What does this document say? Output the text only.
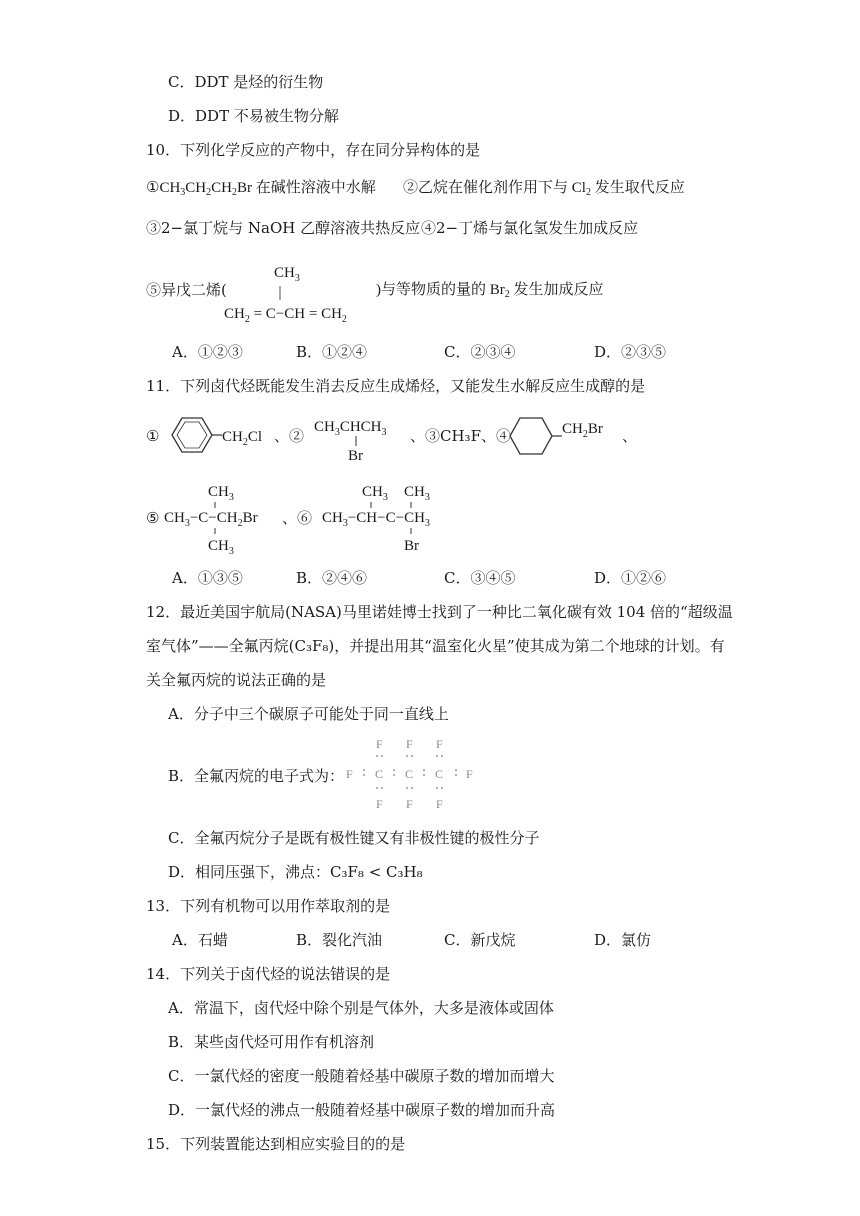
C．DDT 是烃的衍生物
D．DDT 不易被生物分解
10．下列化学反应的产物中，存在同分异构体的是
$①CH_3CH_2CH_2Br$ 在碱性溶液中水解 ②乙烷在催化剂作用下与 $Cl_2$ 发生取代反应
③2−氯丁烷与 NaOH 乙醇溶液共热反应 ④2−丁烯与氯化氢发生加成反应
⑤异戊二烯(
$CH_3$
$CH_2 = C-CH = CH_2$
)与等物质的量的 $Br_2$ 发生加成反应
A．①②③	B．①②④	C．②③④	D．②③⑤
11．下列卤代烃既能发生消去反应生成烯烃，又能发生水解反应生成醇的是
①	$CH_2Cl$ 、② $CH_3CHCH_3$
Br
、③CH₃F、④	$CH_2Br$ 、
⑤
$CH_3$
$CH_3-C-CH_2Br$
$CH_3$
、⑥
$CH_3$ $CH_3$
$CH_3-CH-C-CH_3$
Br
A．①③⑤	B．②④⑥	C．③④⑤	D．①②⑥
12．最近美国宇航局(NASA)马里诺娃博士找到了一种比二氧化碳有效 104 倍的“超级温
室气体”——全氟丙烷(C₃F₈)，并提出用其“温室化火星”使其成为第二个地球的计划。有
关全氟丙烷的说法正确的是
A．分子中三个碳原子可能处于同一直线上
B．全氟丙烷的电子式为：
F F F
F C C C F
F F F
C．全氟丙烷分子是既有极性键又有非极性键的极性分子
D．相同压强下，沸点：C₃F₈ < C₃H₈
13．下列有机物可以用作萃取剂的是
A．石蜡	B．裂化汽油	C．新戊烷	D．氯仿
14．下列关于卤代烃的说法错误的是
A．常温下，卤代烃中除个别是气体外，大多是液体或固体
B．某些卤代烃可用作有机溶剂
C．一氯代烃的密度一般随着烃基中碳原子数的增加而增大
D．一氯代烃的沸点一般随着烃基中碳原子数的增加而升高
15．下列装置能达到相应实验目的的是
